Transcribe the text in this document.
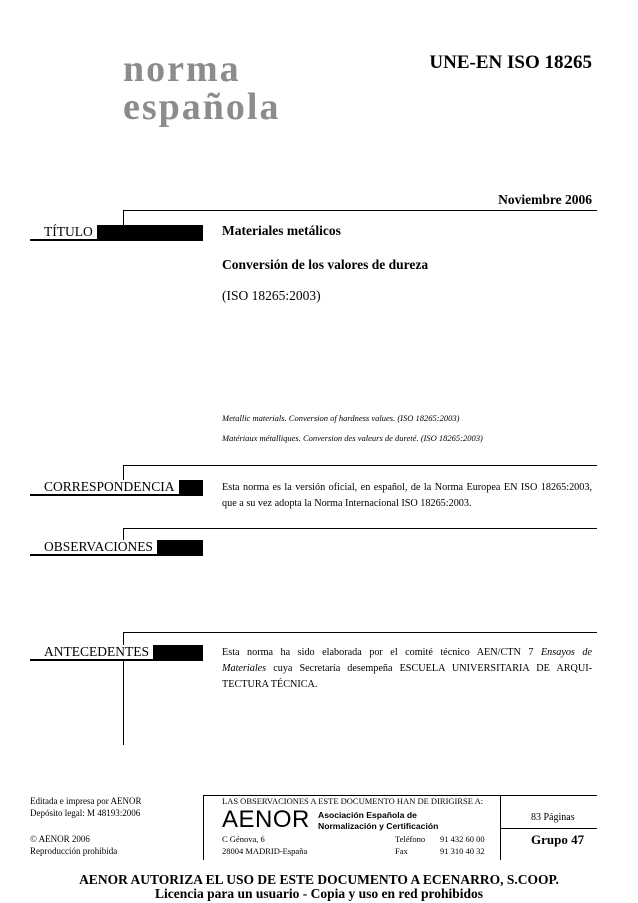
norma
española
UNE-EN ISO 18265
Noviembre 2006
TÍTULO
CORRESPONDENCIA
OBSERVACIONES
ANTECEDENTES
Materiales metálicos
Conversión de los valores de dureza
(ISO 18265:2003)
Metallic materials. Conversion of hardness values. (ISO 18265:2003)
Matériaux métalliques. Conversion des valeurs de dureté. (ISO 18265:2003)
Esta norma es la versión oficial, en español, de la Norma Europea EN ISO 18265:2003,
que a su vez adopta la Norma Internacional ISO 18265:2003.
Esta norma ha sido elaborada por el comité técnico AEN/CTN 7 Ensayos de
Materiales cuya Secretaría desempeña ESCUELA UNIVERSITARIA DE ARQUI-
TECTURA TÉCNICA.
Editada e impresa por AENOR
Depósito legal: M 48193:2006
© AENOR 2006
Reproducción prohibida
LAS OBSERVACIONES A ESTE DOCUMENTO HAN DE DIRIGIRSE A:
AENOR Asociación Española de
Normalización y Certificación
C Génova, 6
28004 MADRID-España
Teléfono 91 432 60 00
Fax	91 310 40 32
83 Páginas
Grupo 47
AENOR AUTORIZA EL USO DE ESTE DOCUMENTO A ECENARRO, S.COOP.
Licencia para un usuario - Copia y uso en red prohibidos
